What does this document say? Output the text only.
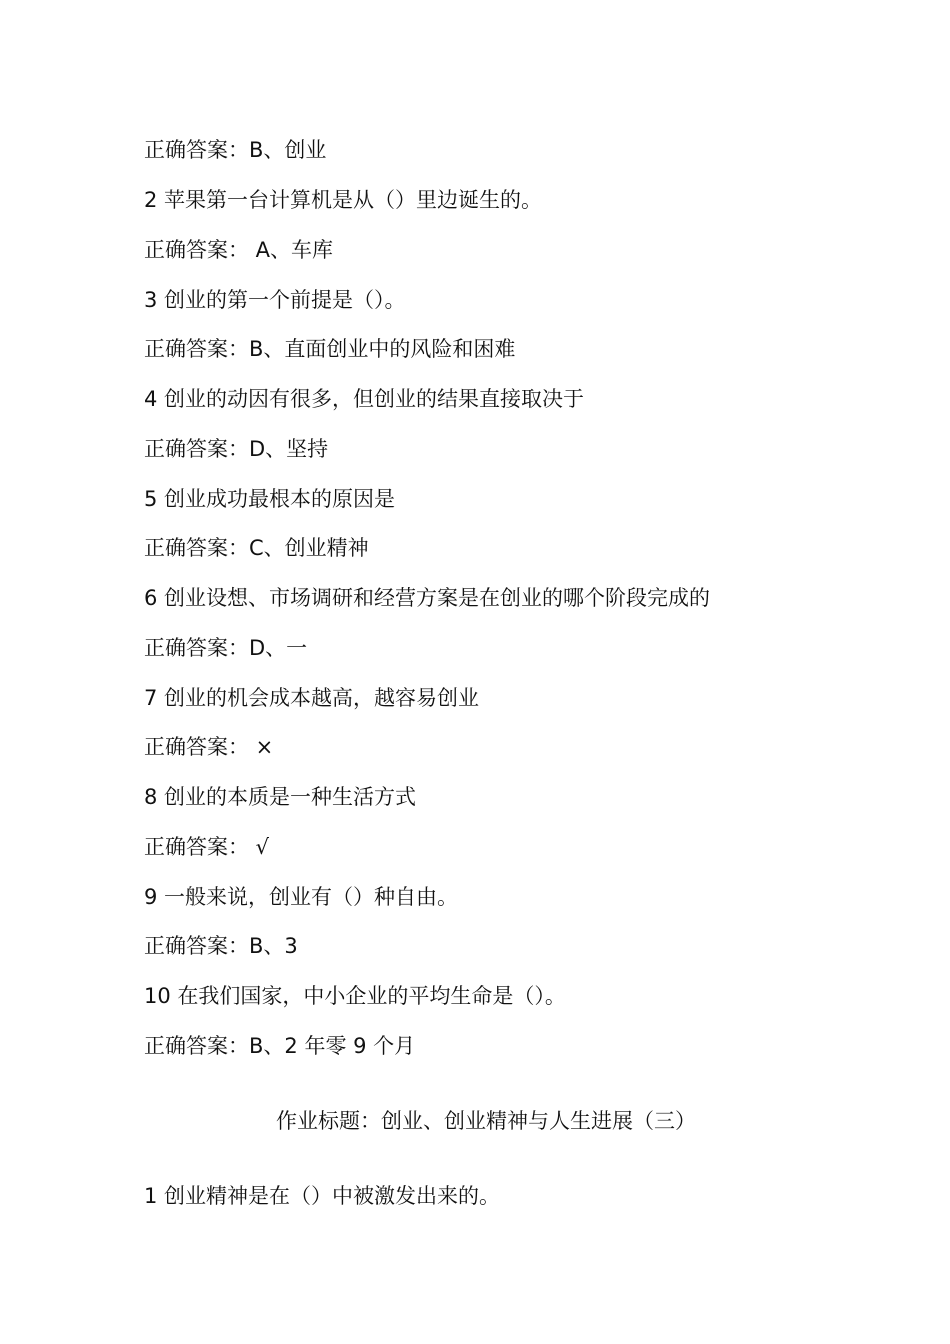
正确答案：B、创业
2 苹果第一台计算机是从（）里边诞生的。
正确答案： A、车库
3 创业的第一个前提是（）。
正确答案：B、直面创业中的风险和困难
4 创业的动因有很多，但创业的结果直接取决于
正确答案：D、坚持
5 创业成功最根本的原因是
正确答案：C、创业精神
6 创业设想、市场调研和经营方案是在创业的哪个阶段完成的
正确答案：D、一
7 创业的机会成本越高，越容易创业
正确答案： ×
8 创业的本质是一种生活方式
正确答案： √
9 一般来说，创业有（）种自由。
正确答案：B、3
10 在我们国家，中小企业的平均生命是（）。
正确答案：B、2 年零 9 个月
作业标题：创业、创业精神与人生进展（三）
1 创业精神是在（）中被激发出来的。
